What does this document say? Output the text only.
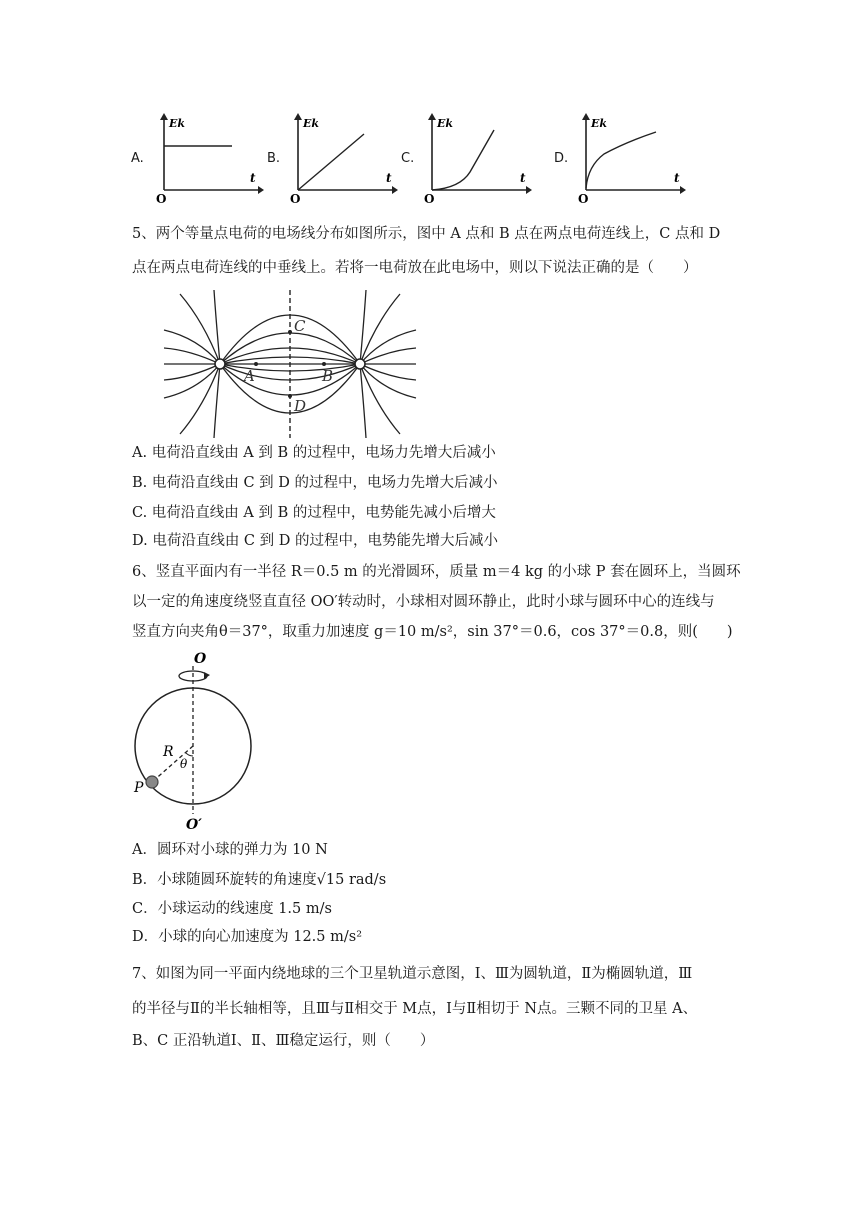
A.
Ek
t
O
B.
Ek
t
O
C.
Ek
t
O
D.
Ek
t
O
5、两个等量点电荷的电场线分布如图所示，图中 A 点和 B 点在两点电荷连线上，C 点和 D
点在两点电荷连线的中垂线上。若将一电荷放在此电场中，则以下说法正确的是（　　）
A	B
C
D
A. 电荷沿直线由 A 到 B 的过程中，电场力先增大后减小
B. 电荷沿直线由 C 到 D 的过程中，电场力先增大后减小
C. 电荷沿直线由 A 到 B 的过程中，电势能先减小后增大
D. 电荷沿直线由 C 到 D 的过程中，电势能先增大后减小
6、竖直平面内有一半径 R＝0.5 m 的光滑圆环，质量 m＝4 kg 的小球 P 套在圆环上，当圆环
以一定的角速度绕竖直直径 OO′转动时，小球相对圆环静止，此时小球与圆环中心的连线与
竖直方向夹角θ＝37°，取重力加速度 g＝10 m/s²，sin 37°＝0.6，cos 37°＝0.8，则(　　)
O
O′
R
θ
P
A．圆环对小球的弹力为 10 N
B．小球随圆环旋转的角速度√15 rad/s
C．小球运动的线速度 1.5 m/s
D．小球的向心加速度为 12.5 m/s²
7、如图为同一平面内绕地球的三个卫星轨道示意图，Ⅰ、Ⅲ为圆轨道，Ⅱ为椭圆轨道，Ⅲ
的半径与Ⅱ的半长轴相等，且Ⅲ与Ⅱ相交于 M点，Ⅰ与Ⅱ相切于 N点。三颗不同的卫星 A、
B、C 正沿轨道Ⅰ、Ⅱ、Ⅲ稳定运行，则（　　）
